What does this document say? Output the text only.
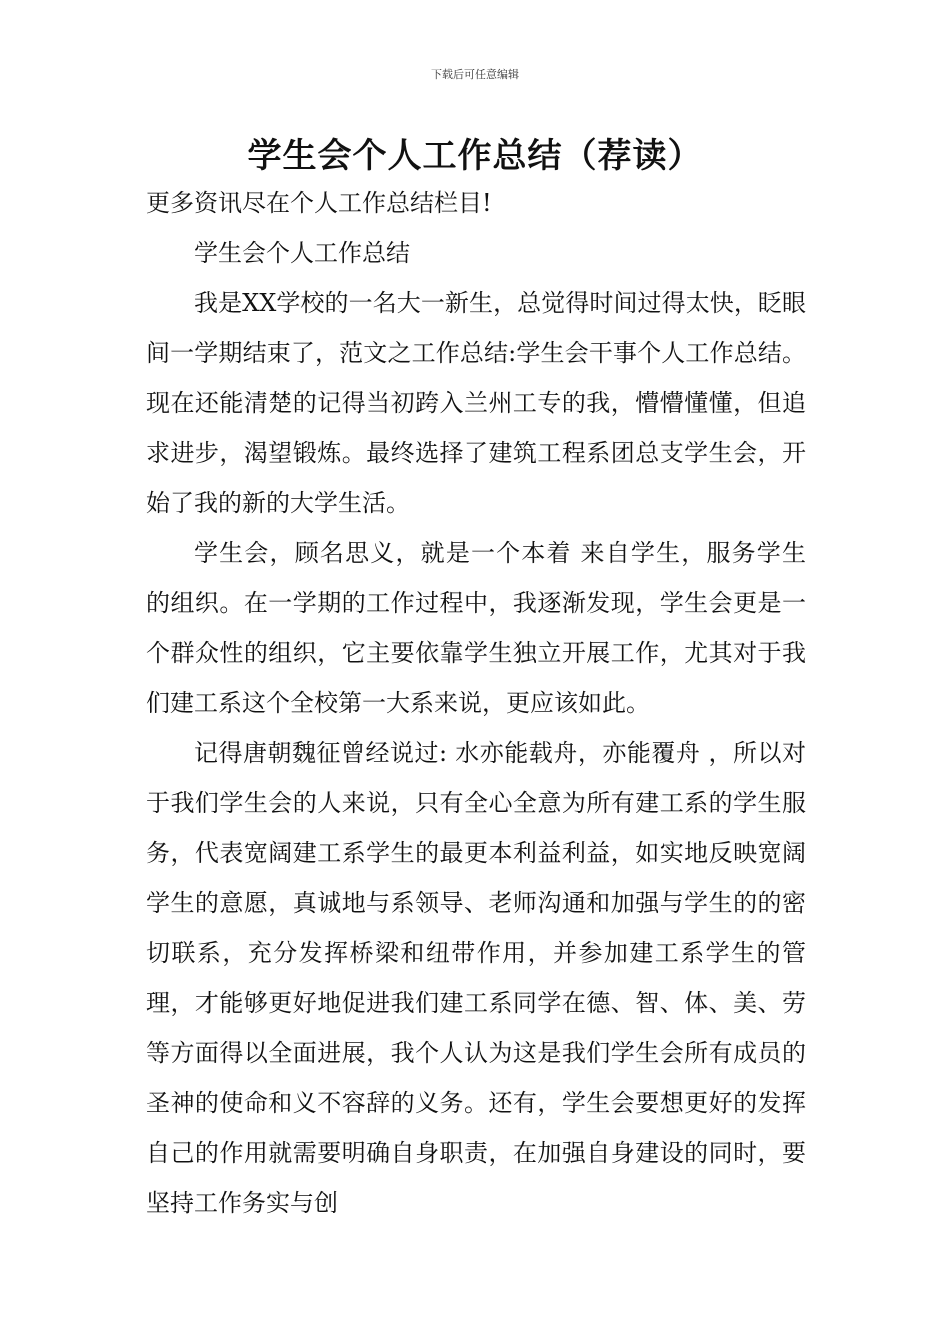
下载后可任意编辑
学生会个人工作总结（荐读）

更多资讯尽在个人工作总结栏目!

学生会个人工作总结

我是XX学校的一名大一新生，总觉得时间过得太快，眨眼间一学期结束了，范文之工作总结:学生会干事个人工作总结。现在还能清楚的记得当初跨入兰州工专的我，懵懵懂懂，但追求进步，渴望锻炼。最终选择了建筑工程系团总支学生会，开始了我的新的大学生活。

学生会，顾名思义，就是一个本着 来自学生，服务学生 的组织。在一学期的工作过程中，我逐渐发现，学生会更是一个群众性的组织，它主要依靠学生独立开展工作，尤其对于我们建工系这个全校第一大系来说，更应该如此。

记得唐朝魏征曾经说过: 水亦能载舟，亦能覆舟 ，所以对于我们学生会的人来说，只有全心全意为所有建工系的学生服务，代表宽阔建工系学生的最更本利益利益，如实地反映宽阔学生的意愿，真诚地与系领导、老师沟通和加强与学生的的密切联系，充分发挥桥梁和纽带作用，并参加建工系学生的管理，才能够更好地促进我们建工系同学在德、智、体、美、劳等方面得以全面进展，我个人认为这是我们学生会所有成员的圣神的使命和义不容辞的义务。还有，学生会要想更好的发挥自己的作用就需要明确自身职责，在加强自身建设的同时，要坚持工作务实与创
